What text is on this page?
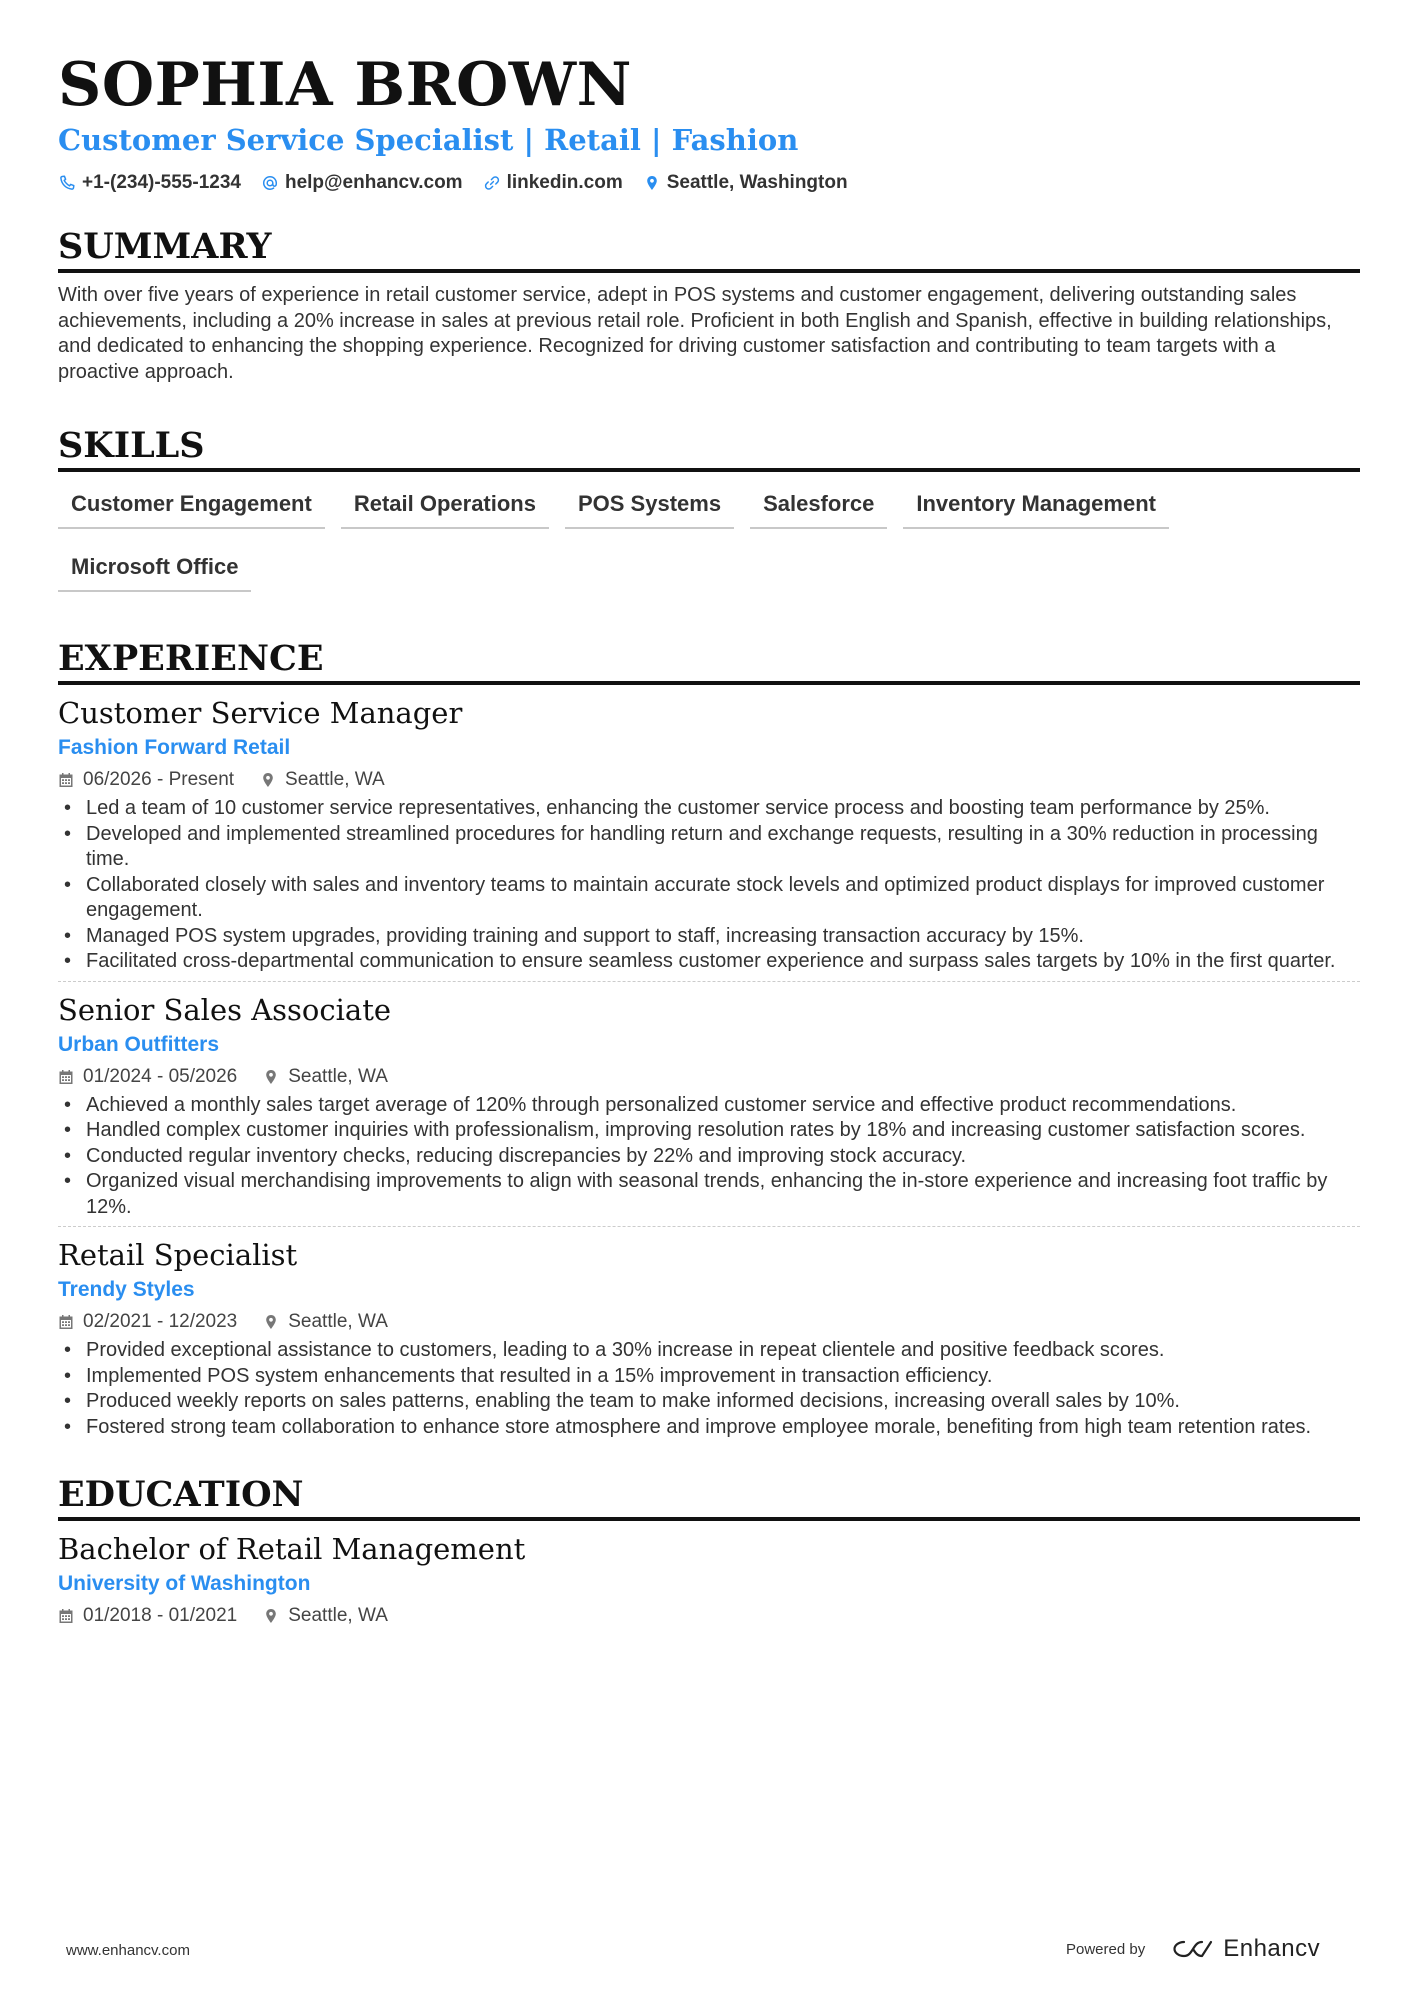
SOPHIA BROWN
Customer Service Specialist | Retail | Fashion
+1-(234)-555-1234 help@enhancv.com linkedin.com Seattle, Washington
SUMMARY

With over five years of experience in retail customer service, adept in POS systems and customer engagement, delivering outstanding sales achievements, including a 20% increase in sales at previous retail role. Proficient in both English and Spanish, effective in building relationships, and dedicated to enhancing the shopping experience. Recognized for driving customer satisfaction and contributing to team targets with a proactive approach.

SKILLS
Customer Engagement	Retail Operations	POS Systems	Salesforce	Inventory Management
Microsoft Office
EXPERIENCE
Customer Service Manager
Fashion Forward Retail
06/2026 - Present	Seattle, WA
• Led a team of 10 customer service representatives, enhancing the customer service process and boosting team performance by 25%.
• Developed and implemented streamlined procedures for handling return and exchange requests, resulting in a 30% reduction in processing time.
• Collaborated closely with sales and inventory teams to maintain accurate stock levels and optimized product displays for improved customer engagement.
• Managed POS system upgrades, providing training and support to staff, increasing transaction accuracy by 15%.
• Facilitated cross-departmental communication to ensure seamless customer experience and surpass sales targets by 10% in the first quarter.
Senior Sales Associate
Urban Outfitters
01/2024 - 05/2026	Seattle, WA
• Achieved a monthly sales target average of 120% through personalized customer service and effective product recommendations.
• Handled complex customer inquiries with professionalism, improving resolution rates by 18% and increasing customer satisfaction scores.
• Conducted regular inventory checks, reducing discrepancies by 22% and improving stock accuracy.
• Organized visual merchandising improvements to align with seasonal trends, enhancing the in-store experience and increasing foot traffic by 12%.
Retail Specialist
Trendy Styles
02/2021 - 12/2023	Seattle, WA
• Provided exceptional assistance to customers, leading to a 30% increase in repeat clientele and positive feedback scores.
• Implemented POS system enhancements that resulted in a 15% improvement in transaction efficiency.
• Produced weekly reports on sales patterns, enabling the team to make informed decisions, increasing overall sales by 10%.
• Fostered strong team collaboration to enhance store atmosphere and improve employee morale, benefiting from high team retention rates.
EDUCATION
Bachelor of Retail Management
University of Washington
01/2018 - 01/2021	Seattle, WA
www.enhancv.com	Powered by	Enhancv
